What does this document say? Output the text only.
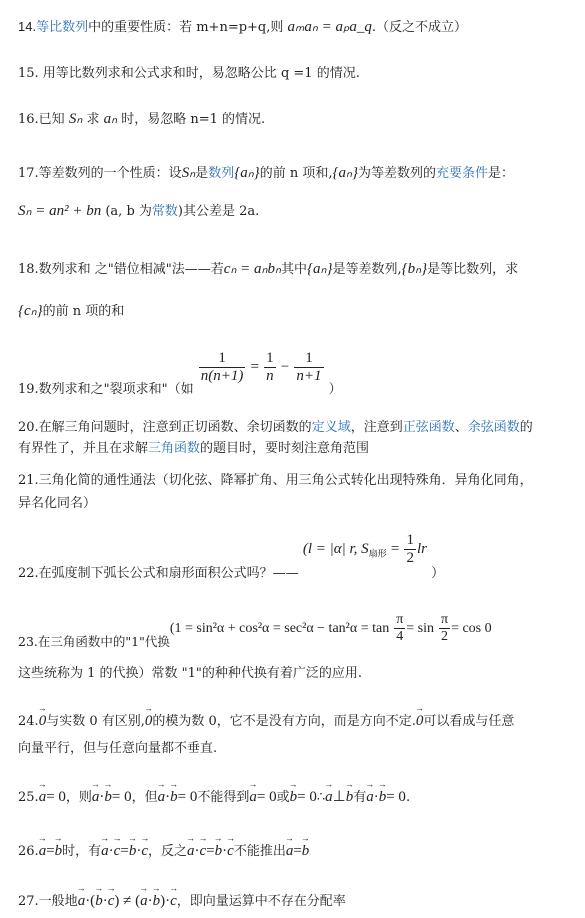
14.等比数列中的重要性质：若 m+n=p+q,则 aₘaₙ = aₚa_q.（反之不成立）
15. 用等比数列求和公式求和时，易忽略公比 q =1 的情况.
16.已知 Sₙ 求 aₙ 时，易忽略 n=1 的情况.
17.等差数列的一个性质：设Sₙ是数列{aₙ}的前 n 项和,{aₙ}为等差数列的充要条件是：
Sₙ = an² + bn (a, b 为常数)其公差是 2a.
18.数列求和 之"错位相减"法——若cₙ = aₙbₙ其中{aₙ}是等差数列,{bₙ}是等比数列，求
{cₙ}的前 n 项的和
19.数列求和之"裂项求和"（如
$\frac{1}{n(n+1)} = \frac{1}{n} - \frac{1}{n+1}$
）
20.在解三角问题时，注意到正切函数、余切函数的定义域，注意到正弦函数、余弦函数的
有界性了，并且在求解三角函数的题目时，要时刻注意角范围
21.三角化简的通性通法（切化弦、降幂扩角、用三角公式转化出现特殊角．异角化同角，
异名化同名）
22.在弧度制下弧长公式和扇形面积公式吗？—— (l = |α| r, $S_{扇形} = \frac{1}{2}$ lr ）
23.在三角函数中的"1"代换($1 = \sin^2\alpha + \cos^2\alpha = \sec^2\alpha - \tan^2\alpha = \tan \frac{\pi}{4} = \sin \frac{\pi}{2} = \cos 0$
这些统称为 1 的代换）常数 "1"的种种代换有着广泛的应用.
24.→ 0与实数 0 有区别,→ 0的模为数 0，它不是没有方向，而是方向不定.→ 0可以看成与任意
向量平行，但与任意向量都不垂直.
25.→ a= 0，则→ a·→ b= 0，但→ a·→ b= 0不能得到→ a= 0或→ b= 0∴→ a⊥→ b有→ a·→ b= 0.
26.→ a=→ b时，有→ a·→ c=→ b·→ c，反之→ a·→ c=→ b·→ c不能推出→ a=→ b
27.一般地→ a·(→ b·→ c) ≠ (→ a·→ b)·→ c，即向量运算中不存在分配率
